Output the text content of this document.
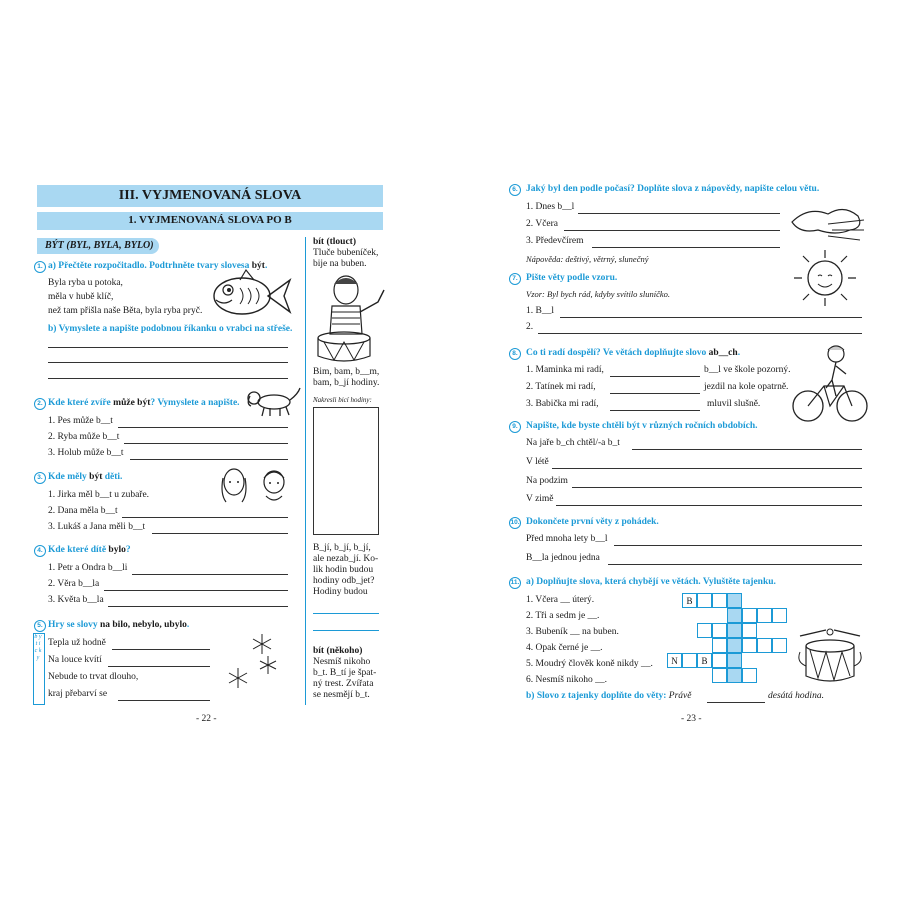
III. VYJMENOVANÁ SLOVA
1. VYJMENOVANÁ SLOVA PO B
BÝT (BYL, BYLA, BYLO)
1. a) Přečtěte rozpočitadlo. Podtrhněte tvary slovesa být.
Byla ryba u potoka,
měla v hubě klíč,
než tam přišla naše Běta, byla ryba pryč.
b) Vymyslete a napište podobnou říkanku o vrabci na střeše.
2. Kde které zvíře může být? Vymyslete a napište.
1. Pes může b__t
2. Ryba může b__t
3. Holub může b__t
3. Kde měly být děti.
1. Jirka měl b__t u zubaře.
2. Dana měla b__t
3. Lukáš a Jana měli b__t
4. Kde které dítě bylo?
1. Petr a Ondra b__li
2. Věra b__la
3. Květa b__la
5. Hry se slovy na bilo, nebylo, ubylo.
b y t i c k y
Tepla už hodně
Na louce kvítí
Nebude to trvat dlouho,
kraj přebarví se
bít (tlouct)
Tluče bubeníček,
bije na buben.
Bim, bam, b__m,
bam, b_jí hodiny.
Nakresli bicí hodiny:
B_jí, b_jí, b_jí,
ale nezab_jí. Ko-
lik hodin budou
hodiny odb_jet?
Hodiny budou
bít (někoho)
Nesmíš nikoho
b_t. B_tí je špat-
ný trest. Zvířata
se nesmějí b_t.
- 22 -
6. Jaký byl den podle počasí? Doplňte slova z nápovědy, napište celou větu.
1. Dnes b__l
2. Včera
3. Předevčírem
Nápověda: deštivý, větrný, slunečný
7. Pište věty podle vzoru.
Vzor: Byl bych rád, kdyby svítilo sluníčko.
1. B__l
2.
8. Co ti radí dospělí? Ve větách doplňujte slovo ab__ch.
1. Maminka mi radí,	b__l ve škole pozorný.
2. Tatínek mi radí,	jezdil na kole opatrně.
3. Babička mi radí,	mluvil slušně.
9. Napište, kde byste chtěli být v různých ročních obdobích.
Na jaře b_ch chtěl/-a b_t
V létě
Na podzim
V zimě
10. Dokončete první věty z pohádek.
Před mnoha lety b__l
B__la jednou jedna
11. a) Doplňujte slova, která chybějí ve větách. Vyluštěte tajenku.
1. Včera __ úterý.
2. Tři a sedm je __.
3. Bubeník __ na buben.
4. Opak černé je __.
5. Moudrý člověk koně nikdy __.
6. Nesmíš nikoho __.
B
N	B
b) Slovo z tajenky doplňte do věty: Právě	desátá hodina.
- 23 -
